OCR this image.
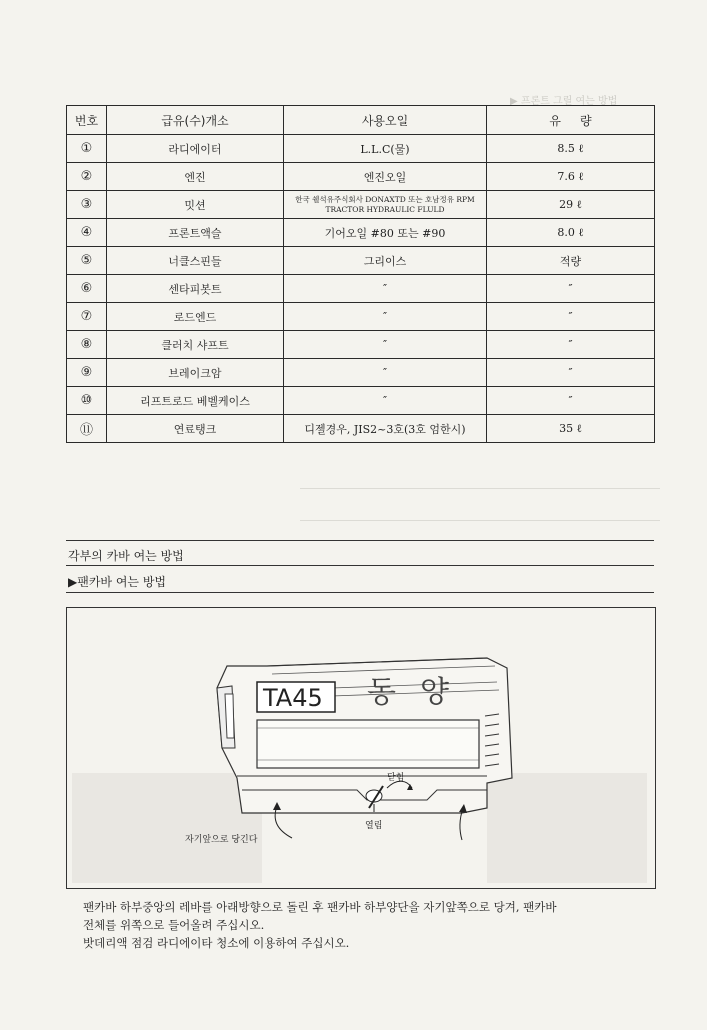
▶ 프론트 그릴 여는 방법
번호	급유(수)개소	사용오일	유     량
①	라디에이터	L.L.C(물)	8.5 ℓ
②	엔진	엔진오일	7.6 ℓ
③	밋션	한국 쉘석유주식회사 DONAXTD 또는 호남정유 RPM TRACTOR HYDRAULIC FLULD	29 ℓ
④	프론트액슬	기어오일 #80 또는 #90	8.0 ℓ
⑤	너클스핀들	그리이스	적량
⑥	센타피봇트	″	″
⑦	로드엔드	″	″
⑧	클러치 샤프트	″	″
⑨	브레이크암	″	″
⑩	리프트로드 베벨케이스	″	″
⑪	연료탱크	디젤경우, JIS2~3호(3호 엄한시)	35 ℓ
각부의 카바 여는 방법
▶팬카바 여는 방법
TA45 동양
닫힘
열림
자기앞으로 당긴다
팬카바 하부중앙의 레바를 아래방향으로 돌린 후 팬카바 하부양단을 자기앞쪽으로 당겨, 팬카바
전체를 위쪽으로 들어올려 주십시오.
밧데리액 점검 라디에이타 청소에 이용하여 주십시오.
